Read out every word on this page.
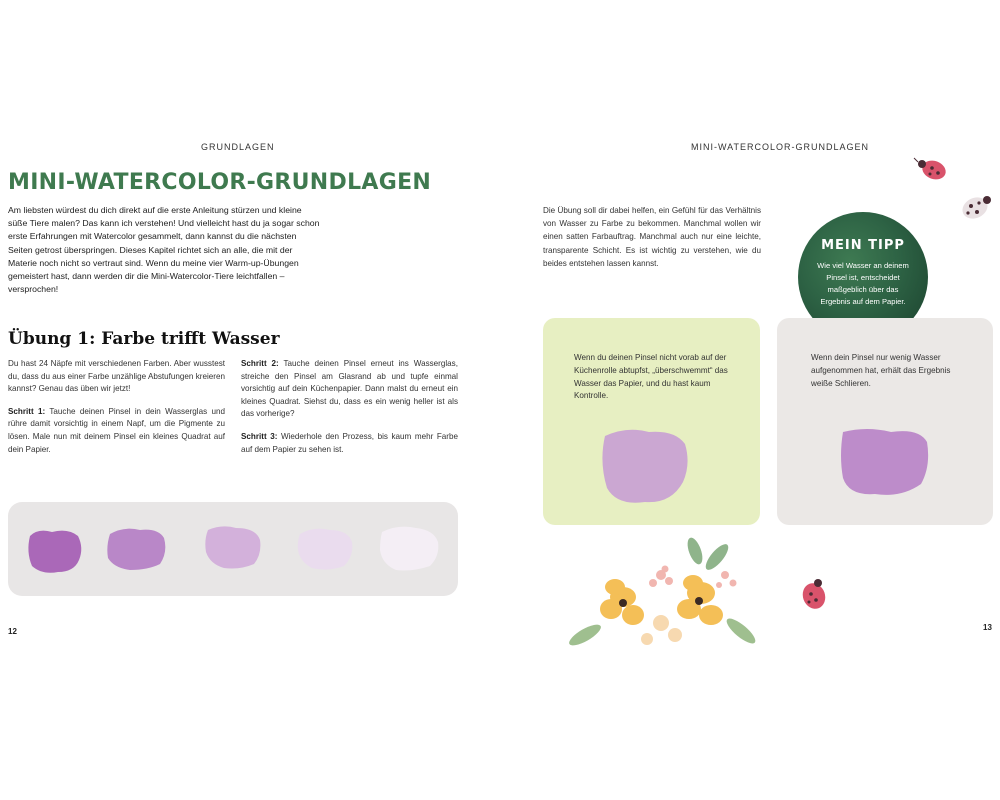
GRUNDLAGEN
MINI-WATERCOLOR-GRUNDLAGEN
Am liebsten würdest du dich direkt auf die erste Anleitung stürzen und kleine süße Tiere malen? Das kann ich verstehen! Und vielleicht hast du ja sogar schon erste Erfahrungen mit Watercolor gesammelt, dann kannst du die nächsten Seiten getrost überspringen. Dieses Kapitel richtet sich an alle, die mit der Materie noch nicht so vertraut sind. Wenn du meine vier Warm-up-Übungen gemeistert hast, dann werden dir die Mini-Watercolor-Tiere leichtfallen – versprochen!
Übung 1: Farbe trifft Wasser

Du hast 24 Näpfe mit verschiedenen Farben. Aber wusstest du, dass du aus einer Farbe unzählige Abstufungen kreieren kannst? Genau das üben wir jetzt!

Schritt 1: Tauche deinen Pinsel in dein Wasserglas und rühre damit vorsichtig in einem Napf, um die Pigmente zu lösen. Male nun mit deinem Pinsel ein kleines Quadrat auf dein Papier.

Schritt 2: Tauche deinen Pinsel erneut ins Wasserglas, streiche den Pinsel am Glasrand ab und tupfe einmal vorsichtig auf dein Küchenpapier. Dann malst du erneut ein kleines Quadrat. Siehst du, dass es ein wenig heller ist als das vorherige?

Schritt 3: Wiederhole den Prozess, bis kaum mehr Farbe auf dem Papier zu sehen ist.

12
MINI-WATERCOLOR-GRUNDLAGEN
Die Übung soll dir dabei helfen, ein Gefühl für das Verhältnis von Wasser zu Farbe zu bekommen. Manchmal wollen wir einen satten Farbauftrag. Manchmal auch nur eine leichte, transparente Schicht. Es ist wichtig zu verstehen, wie du beides entstehen lassen kannst.
MEIN TIPP
Wie viel Wasser an deinem Pinsel ist, entscheidet maßgeblich über das Ergebnis auf dem Papier.
Wenn du deinen Pinsel nicht vorab auf der Küchenrolle abtupfst, „überschwemmt“ das Wasser das Papier, und du hast kaum Kontrolle.
Wenn dein Pinsel nur wenig Wasser aufgenommen hat, erhält das Ergebnis weiße Schlieren.
13
